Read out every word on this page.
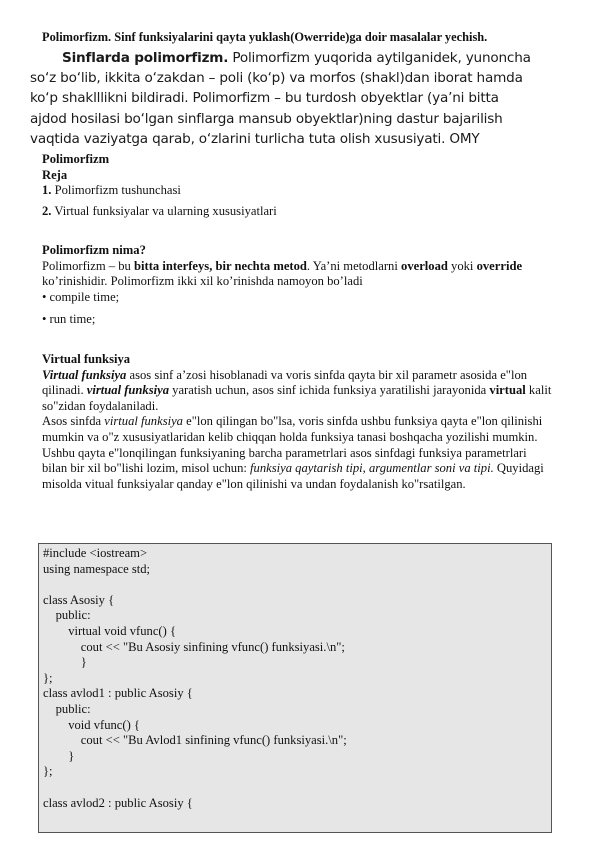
Polimorfizm. Sinf funksiyalarini qayta yuklash(Owerride)ga doir masalalar yechish.
Sinflarda polimorfizm. Polimorfizm yuqorida aytilganidek, yunoncha
so‘z bo‘lib, ikkita o‘zakdan – poli (ko‘p) va morfos (shakl)dan iborat hamda
ko‘p shaklllikni bildiradi. Polimorfizm – bu turdosh obyektlar (ya’ni bitta
ajdod hosilasi bo‘lgan sinflarga mansub obyektlar)ning dastur bajarilish
vaqtida vaziyatga qarab, o‘zlarini turlicha tuta olish xususiyati. OMY

Polimorfizm

Reja

1. Polimorfizm tushunchasi

2. Virtual funksiyalar va ularning xususiyatlari

Polimorfizm nima?

Polimorfizm – bu bitta interfeys, bir nechta metod. Ya’ni metodlarni overload yoki override ko’rinishidir. Polimorfizm ikki xil ko’rinishda namoyon bo’ladi

• compile time;

• run time;

Virtual funksiya

Virtual funksiya asos sinf a’zosi hisoblanadi va voris sinfda qayta bir xil parametr asosida e"lon qilinadi. virtual funksiya yaratish uchun, asos sinf ichida funksiya yaratilishi jarayonida virtual kalit so"zidan foydalaniladi.

Asos sinfda virtual funksiya e"lon qilingan bo"lsa, voris sinfda ushbu funksiya qayta e"lon qilinishi mumkin va o"z xususiyatlaridan kelib chiqqan holda funksiya tanasi boshqacha yozilishi mumkin.

Ushbu qayta e"lonqilingan funksiyaning barcha parametrlari asos sinfdagi funksiya parametrlari bilan bir xil bo"lishi lozim, misol uchun: funksiya qaytarish tipi, argumentlar soni va tipi. Quyidagi misolda vitual funksiyalar qanday e"lon qilinishi va undan foydalanish ko"rsatilgan.

#include <iostream>
using namespace std;

class Asosiy {
public:
virtual void vfunc() {
cout << "Bu Asosiy sinfining vfunc() funksiyasi.\n";
}
};
class avlod1 : public Asosiy {
public:
void vfunc() {
cout << "Bu Avlod1 sinfining vfunc() funksiyasi.\n";
}
};

class avlod2 : public Asosiy {
